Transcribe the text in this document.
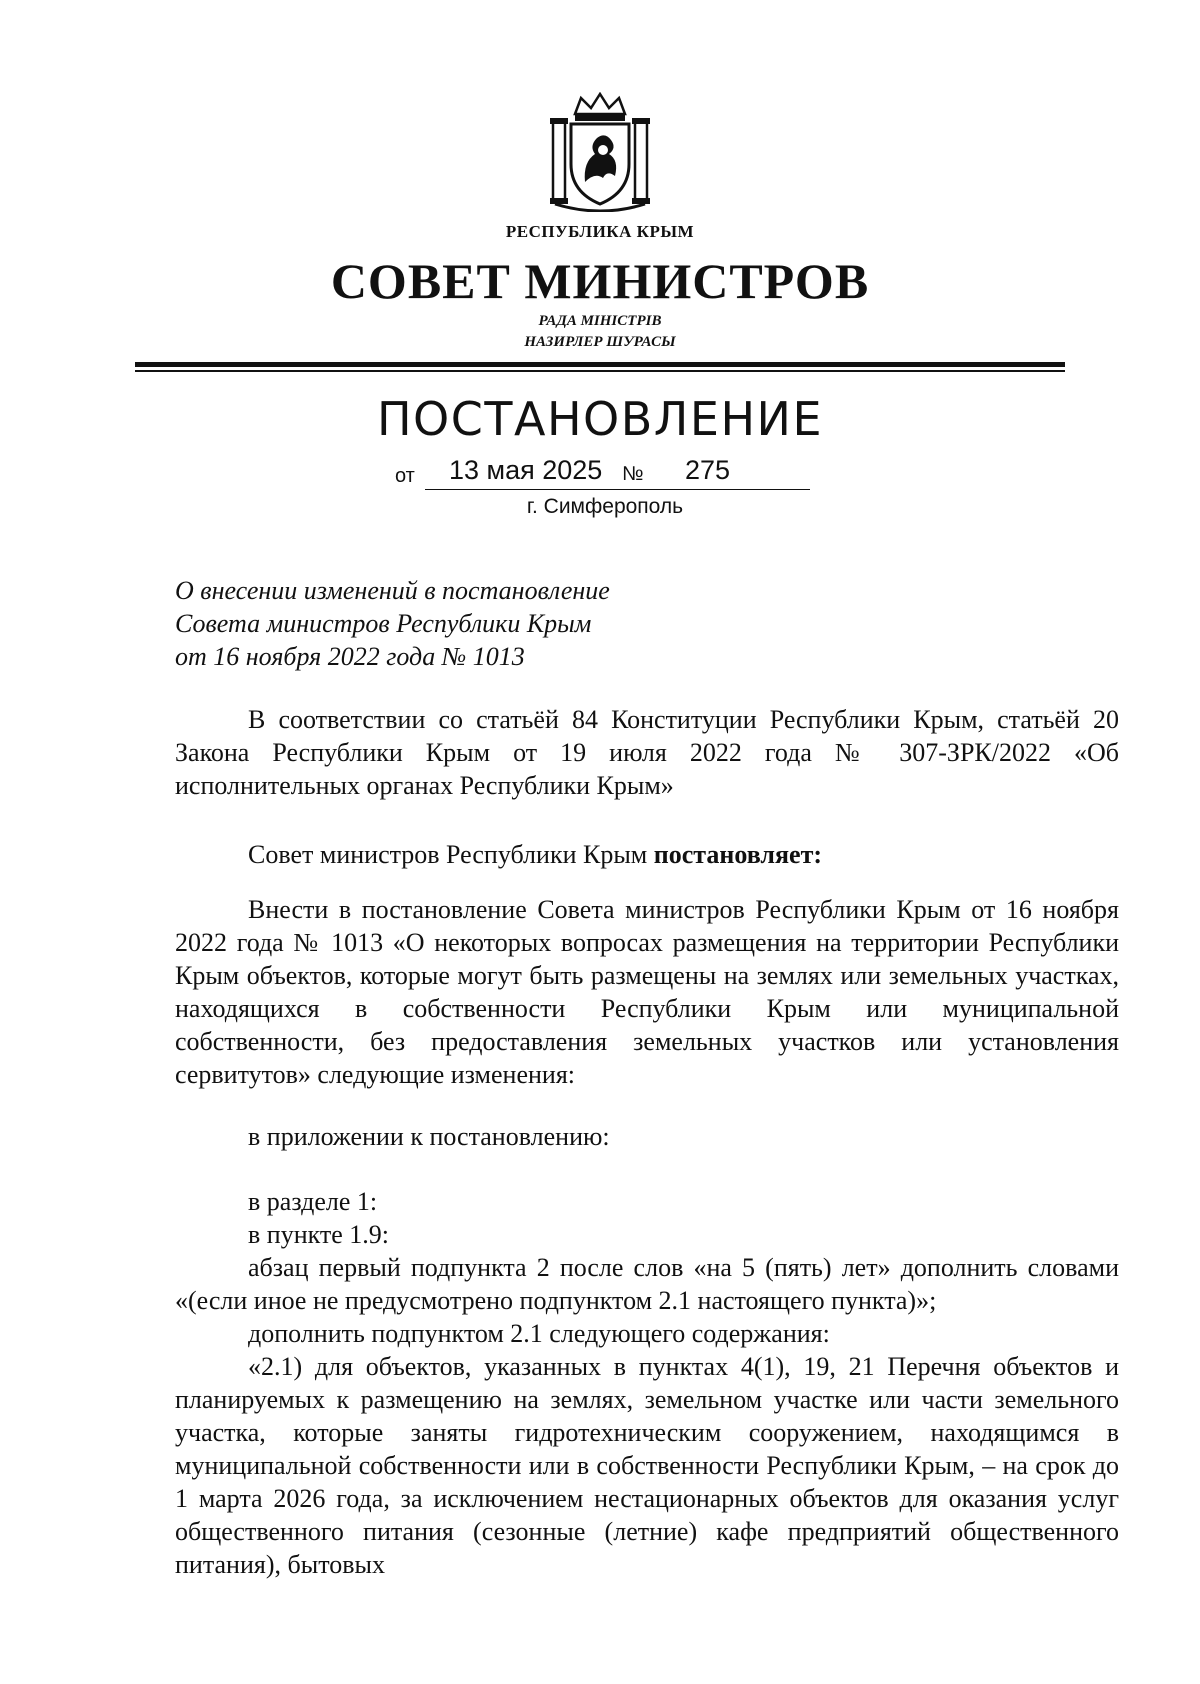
РЕСПУБЛИКА КРЫМ
СОВЕТ МИНИСТРОВ
РАДА МІНІСТРІВ
НАЗИРЛЕР ШУРАСЫ
ПОСТАНОВЛЕНИЕ
от 13 мая 2025 № 275
г. Симферополь
О внесении изменений в постановление
Совета министров Республики Крым
от 16 ноября 2022 года № 1013

В соответствии со статьёй 84 Конституции Республики Крым, статьёй 20 Закона Республики Крым от 19 июля 2022 года № 307-ЗРК/2022 «Об исполнительных органах Республики Крым»

Совет министров Республики Крым постановляет:

Внести в постановление Совета министров Республики Крым от 16 ноября 2022 года № 1013 «О некоторых вопросах размещения на территории Республики Крым объектов, которые могут быть размещены на землях или земельных участках, находящихся в собственности Республики Крым или муниципальной собственности, без предоставления земельных участков или установления сервитутов» следующие изменения:

в приложении к постановлению:

в разделе 1:

в пункте 1.9:

абзац первый подпункта 2 после слов «на 5 (пять) лет» дополнить словами «(если иное не предусмотрено подпунктом 2.1 настоящего пункта)»;

дополнить подпунктом 2.1 следующего содержания:

«2.1) для объектов, указанных в пунктах 4(1), 19, 21 Перечня объектов и планируемых к размещению на землях, земельном участке или части земельного участка, которые заняты гидротехническим сооружением, находящимся в муниципальной собственности или в собственности Республики Крым, – на срок до 1 марта 2026 года, за исключением нестационарных объектов для оказания услуг общественного питания (сезонные (летние) кафе предприятий общественного питания), бытовых
